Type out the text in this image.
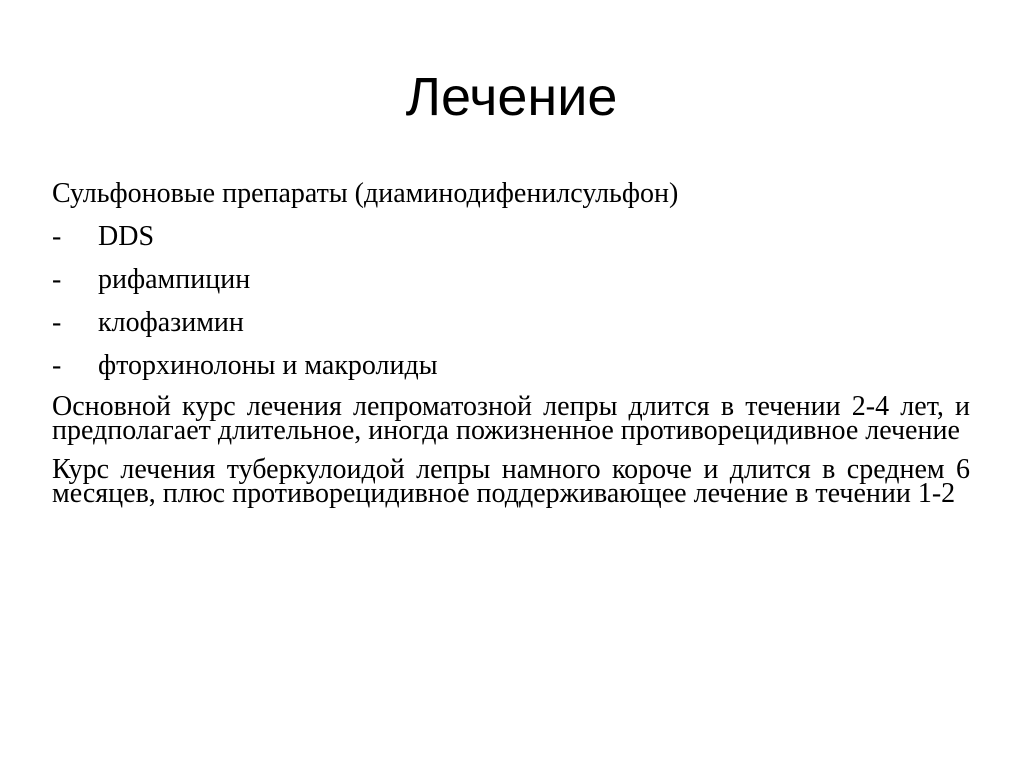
Лечение
Сульфоновые препараты (диаминодифенилсульфон)
-	DDS
-	рифампицин
-	клофазимин
-	фторхинолоны и макролиды
Основной курс лечения лепроматозной лепры длится в течении 2-4 лет, и предполагает длительное, иногда пожизненное противорецидивное лечение
Курс лечения туберкулоидой лепры намного короче и длится в среднем 6 месяцев, плюс противорецидивное поддерживающее лечение в течении 1-2
